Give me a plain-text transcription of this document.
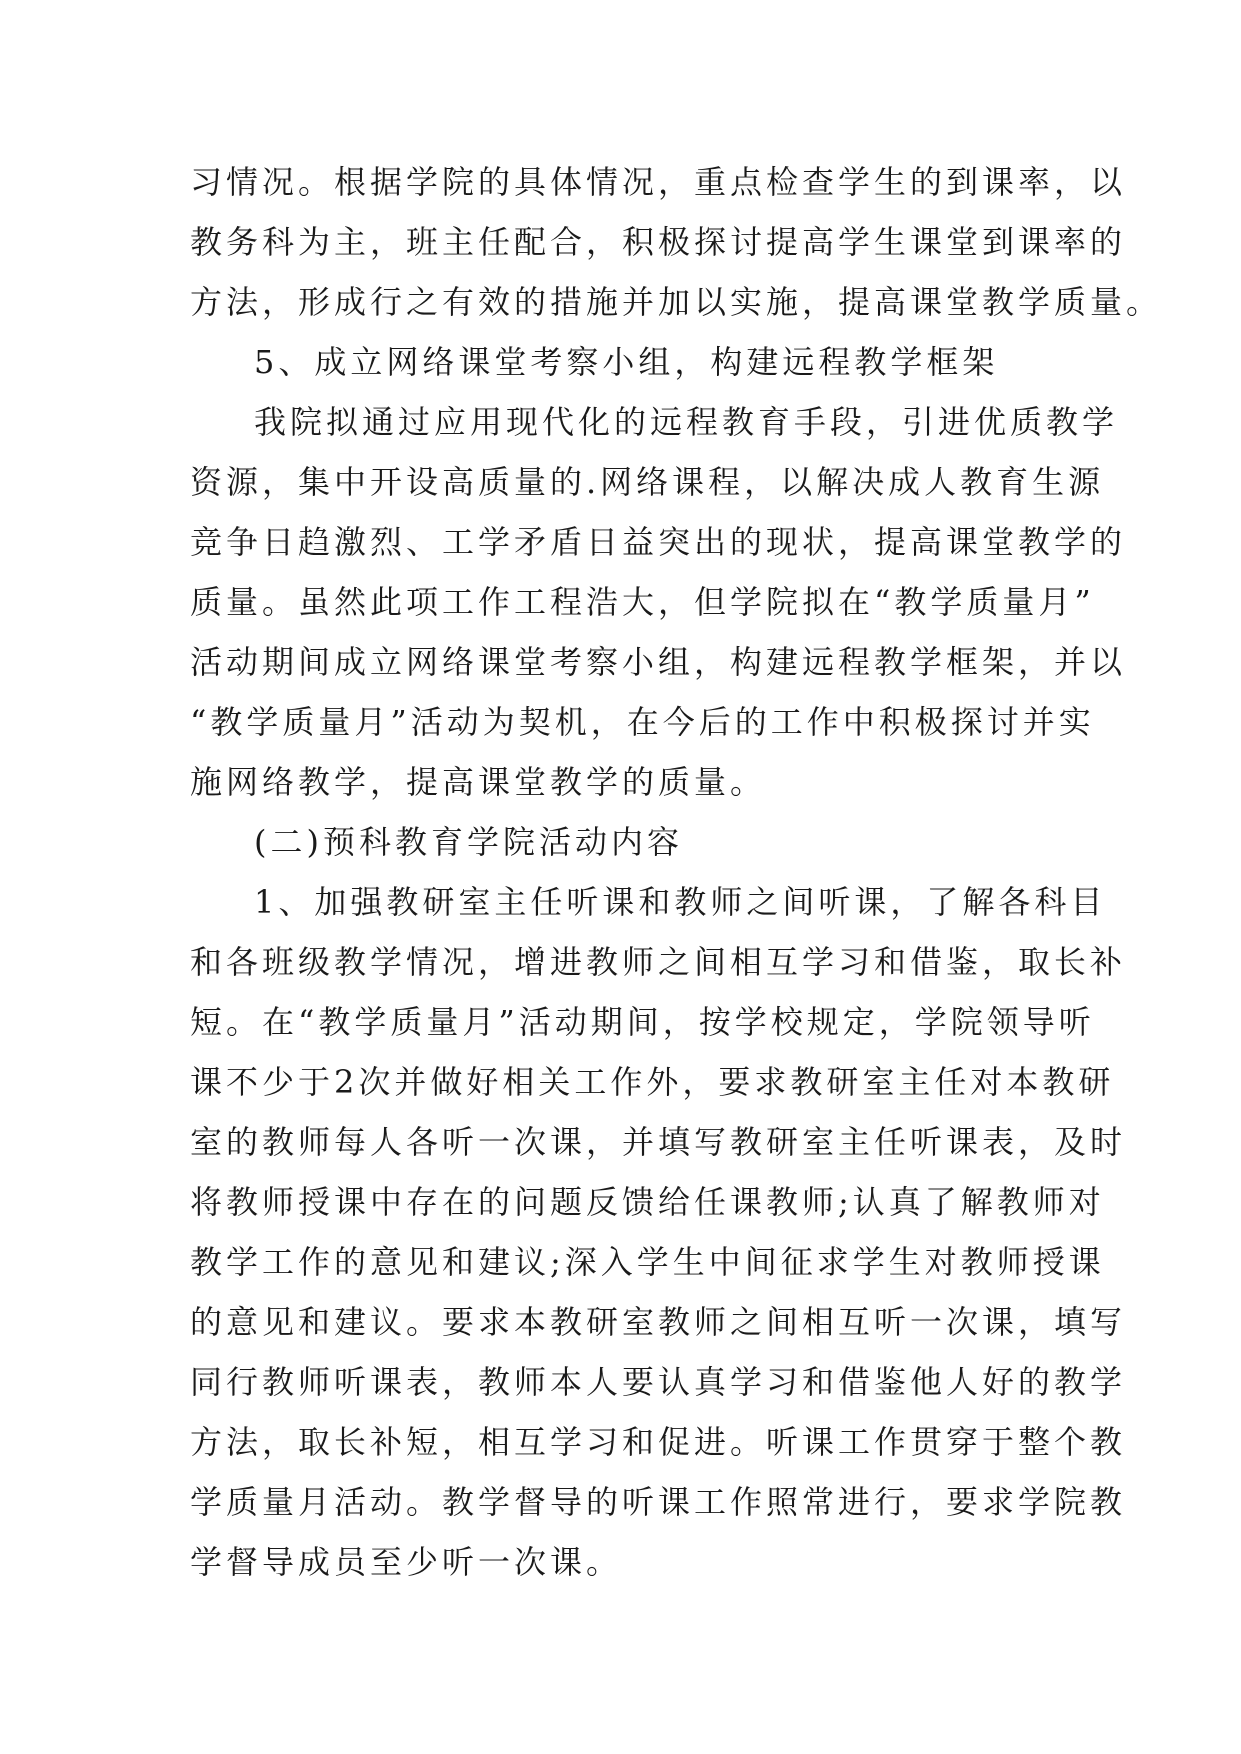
习情况。根据学院的具体情况，重点检查学生的到课率，以
教务科为主，班主任配合，积极探讨提高学生课堂到课率的
方法，形成行之有效的措施并加以实施，提高课堂教学质量。
5、成立网络课堂考察小组，构建远程教学框架
我院拟通过应用现代化的远程教育手段，引进优质教学
资源，集中开设高质量的.网络课程，以解决成人教育生源
竞争日趋激烈、工学矛盾日益突出的现状，提高课堂教学的
质量。虽然此项工作工程浩大，但学院拟在“教学质量月”
活动期间成立网络课堂考察小组，构建远程教学框架，并以
“教学质量月”活动为契机，在今后的工作中积极探讨并实
施网络教学，提高课堂教学的质量。
(二)预科教育学院活动内容
1、加强教研室主任听课和教师之间听课，了解各科目
和各班级教学情况，增进教师之间相互学习和借鉴，取长补
短。在“教学质量月”活动期间，按学校规定，学院领导听
课不少于2次并做好相关工作外，要求教研室主任对本教研
室的教师每人各听一次课，并填写教研室主任听课表，及时
将教师授课中存在的问题反馈给任课教师;认真了解教师对
教学工作的意见和建议;深入学生中间征求学生对教师授课
的意见和建议。要求本教研室教师之间相互听一次课，填写
同行教师听课表，教师本人要认真学习和借鉴他人好的教学
方法，取长补短，相互学习和促进。听课工作贯穿于整个教
学质量月活动。教学督导的听课工作照常进行，要求学院教
学督导成员至少听一次课。
